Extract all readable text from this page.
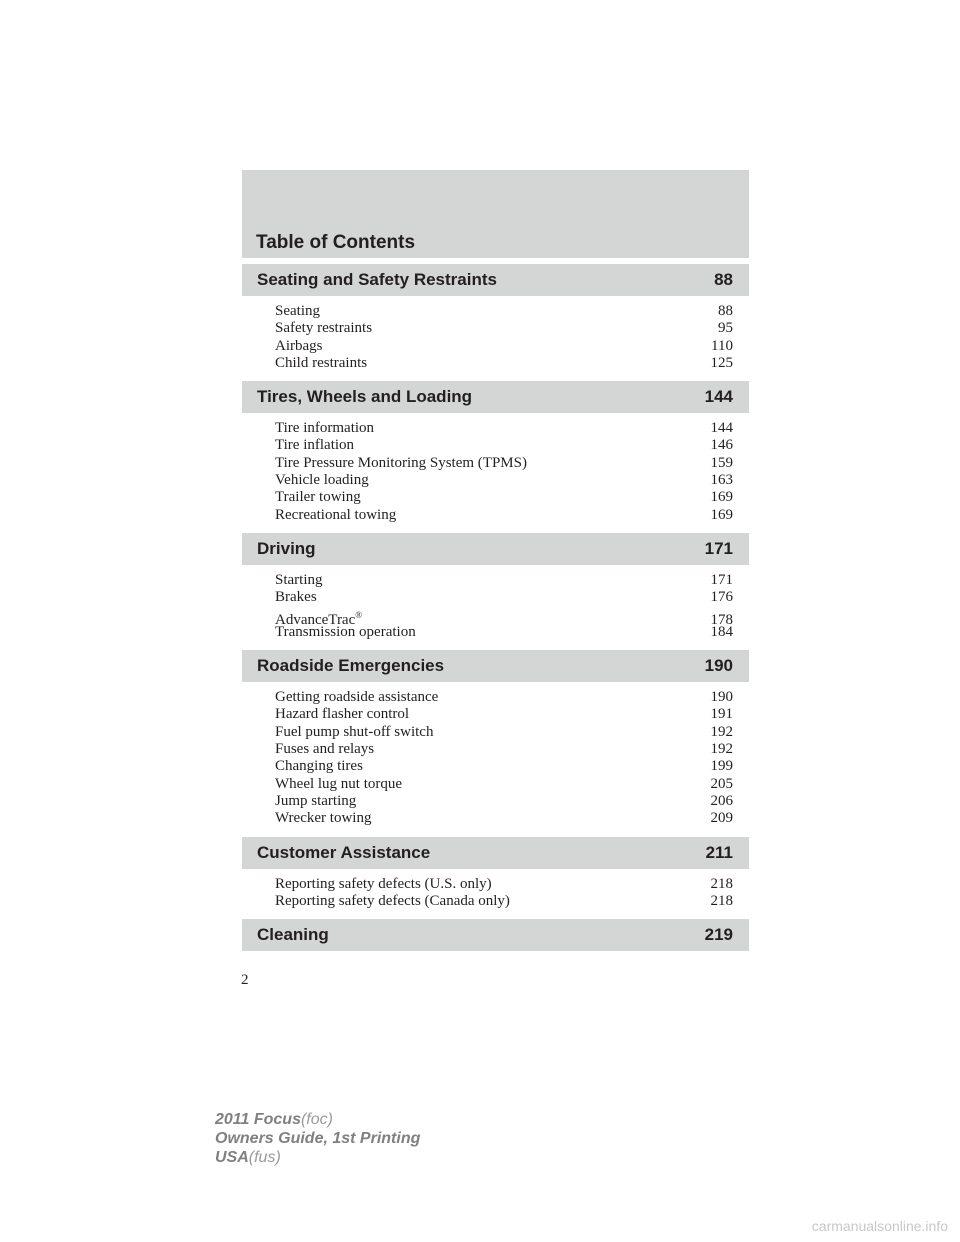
Table of Contents
Seating and Safety Restraints	88
Seating	88
Safety restraints	95
Airbags	110
Child restraints	125
Tires, Wheels and Loading	144
Tire information	144
Tire inflation	146
Tire Pressure Monitoring System (TPMS)	159
Vehicle loading	163
Trailer towing	169
Recreational towing	169
Driving	171
Starting	171
Brakes	176
AdvanceTrac®	178
Transmission operation	184
Roadside Emergencies	190
Getting roadside assistance	190
Hazard flasher control	191
Fuel pump shut-off switch	192
Fuses and relays	192
Changing tires	199
Wheel lug nut torque	205
Jump starting	206
Wrecker towing	209
Customer Assistance	211
Reporting safety defects (U.S. only)	218
Reporting safety defects (Canada only)	218
Cleaning	219
2
2011 Focus(foc)
Owners Guide, 1st Printing
USA(fus)
carmanualsonline.info
